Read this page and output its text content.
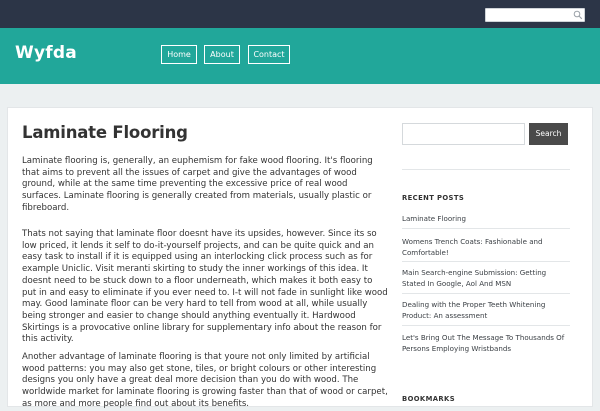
Wyfda	Home	About	Contact
Laminate Flooring

Laminate flooring is, generally, an euphemism for fake wood flooring. It's flooring that aims to prevent all the issues of carpet and give the advantages of wood ground, while at the same time preventing the excessive price of real wood surfaces. Laminate flooring is generally created from materials, usually plastic or fibreboard.

Thats not saying that laminate floor doesnt have its upsides, however. Since its so low priced, it lends it self to do-it-yourself projects, and can be quite quick and an easy task to install if it is equipped using an interlocking click process such as for example Uniclic. Visit meranti skirting to study the inner workings of this idea. It doesnt need to be stuck down to a floor underneath, which makes it both easy to put in and easy to eliminate if you ever need to. I-t will not fade in sunlight like wood may. Good laminate floor can be very hard to tell from wood at all, while usually being stronger and easier to change should anything eventually it. Hardwood Skirtings is a provocative online library for supplementary info about the reason for this activity.

Another advantage of laminate flooring is that youre not only limited by artificial wood patterns: you may also get stone, tiles, or bright colours or other interesting designs you only have a great deal more decision than you do with wood. The worldwide market for laminate flooring is growing faster than that of wood or carpet, as more and more people find out about its benefits.

Search
RECENT POSTS
Laminate Flooring
Womens Trench Coats: Fashionable and Comfortable!
Main Search-engine Submission: Getting Stated In Google, Aol And MSN
Dealing with the Proper Teeth Whitening Product: An assessment
Let's Bring Out The Message To Thousands Of Persons Employing Wristbands
BOOKMARKS
